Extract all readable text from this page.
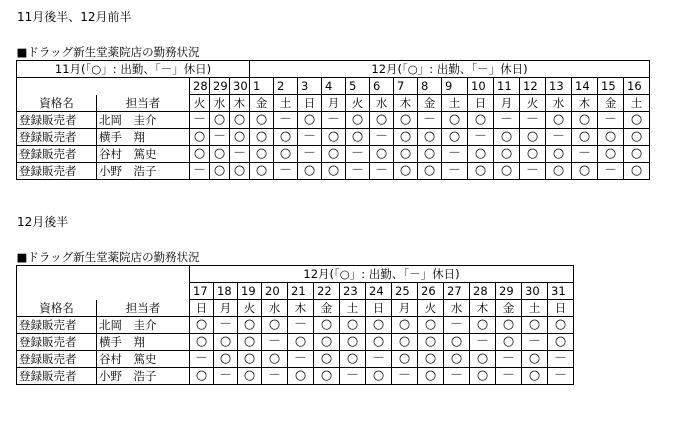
11月後半、12月前半
■ドラッグ新生堂薬院店の勤務状況																				
11月(「○」: 出勤、「－」休日)					12月(「○」: 出勤、「－」休日)															
		28	29	30	1	2	3	4	5	6	7	8	9	10	11	12	13	14	15	16
資格名	担当者	火	水	木	金	土	日	月	火	水	木	金	土	日	月	火	水	木	金	土
登録販売者	北岡　圭介	－	○	○	○	－	○	－	○	○	○	－	○	○	－	－	○	○	－	○
登録販売者	横手　翔	○	－	○	○	○	－	○	○	－	○	○	○	－	○	○	－	○	○	○
登録販売者	谷村　篤史	○	○	－	○	○	－	○	－	○	○	○	－	○	○	○	○	－	○	○
登録販売者	小野　浩子	－	○	○	○	－	○	○	－	－	○	○	－	○	○	－	○	○	－	○
12月後半
■ドラッグ新生堂薬院店の勤務状況																
		12月(「○」: 出勤、「－」休日)														
		17	18	19	20	21	22	23	24	25	26	27	28	29	30	31
資格名	担当者	日	月	火	水	木	金	土	日	月	火	水	木	金	土	日
登録販売者	北岡　圭介	○	－	○	○	－	○	○	○	○	○	－	○	○	○	○
登録販売者	横手　翔	○	○	○	－	○	○	○	○	○	○	○	－	○	－	○
登録販売者	谷村　篤史	－	○	○	○	－	○	○	－	○	○	○	○	－	○	－
登録販売者	小野　浩子	○	－	○	－	○	○	－	○	－	○	－	○	－	○	－
